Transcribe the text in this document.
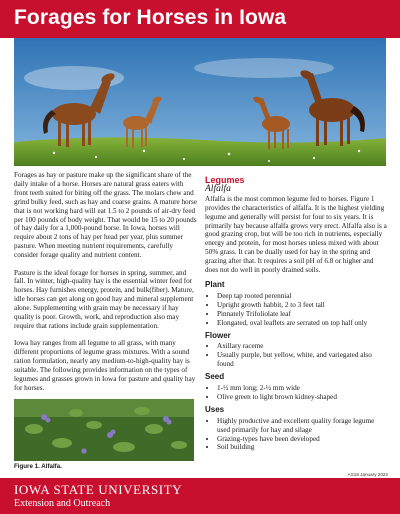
Forages for Horses in Iowa

Forages as hay or pasture make up the significant share of the daily intake of a horse. Horses are natural grass eaters with front teeth suited for biting off the grass. The molars chew and grind bulky feed, such as hay and coarse grains. A mature horse that is not working hard will eat 1.5 to 2 pounds of air-dry feed per 100 pounds of body weight. That would be 15 to 20 pounds of hay daily for a 1,000-pound horse. In Iowa, horses will require about 2 tons of hay per head per year, plus summer pasture. When meeting nutrient requirements, carefully consider forage quality and nutrient content.

Pasture is the ideal forage for horses in spring, summer, and fall. In winter, high-quality hay is the essential winter feed for horses. Hay furnishes energy, protein, and bulk(fiber). Mature, idle horses can get along on good hay and mineral supplement alone. Supplementing with grain may be necessary if hay quality is poor. Growth, work, and reproduction also may require that rations include grain supplementation.

Iowa hay ranges from all legume to all grass, with many different proportions of legume grass mixtures. With a sound ration formulation, nearly any medium-to-high-quality hay is suitable. The following provides information on the types of legumes and grasses grown in Iowa for pasture and quality hay for horses.

Figure 1. Alfalfa.
Legumes
Alfalfa

Alfalfa is the most common legume fed to horses. Figure 1 provides the characteristics of alfalfa. It is the highest yielding legume and generally will persist for four to six years. It is primarily hay because alfalfa grows very erect. Alfalfa also is a good grazing crop, but will be too rich in nutrients, especially energy and protein, for most horses unless mixed with about 50% grass. It can be dually used for hay in the spring and grazing after that. It requires a soil pH of 6.8 or higher and does not do well in poorly drained soils.

Plant
• Deep tap rooted perennial
• Upright growth habbit, 2 to 3 feet tall
• Pinnately Trifoliolate leaf
• Elongated, oval leaflets are serrated on top half only
Flower
• Axillary raceme
• Usually purple, but yellow, white, and variegated also found
Seed
• 1-½ mm long; 2-½ mm wide
• Olive green to light brown kidney-shaped
Uses
• Highly productive and excellent quality forage legume used primarily for hay and silage
• Grazing-types have been developed
• Soil building
AS18 January 2022
IOWA STATE UNIVERSITY
Extension and Outreach
